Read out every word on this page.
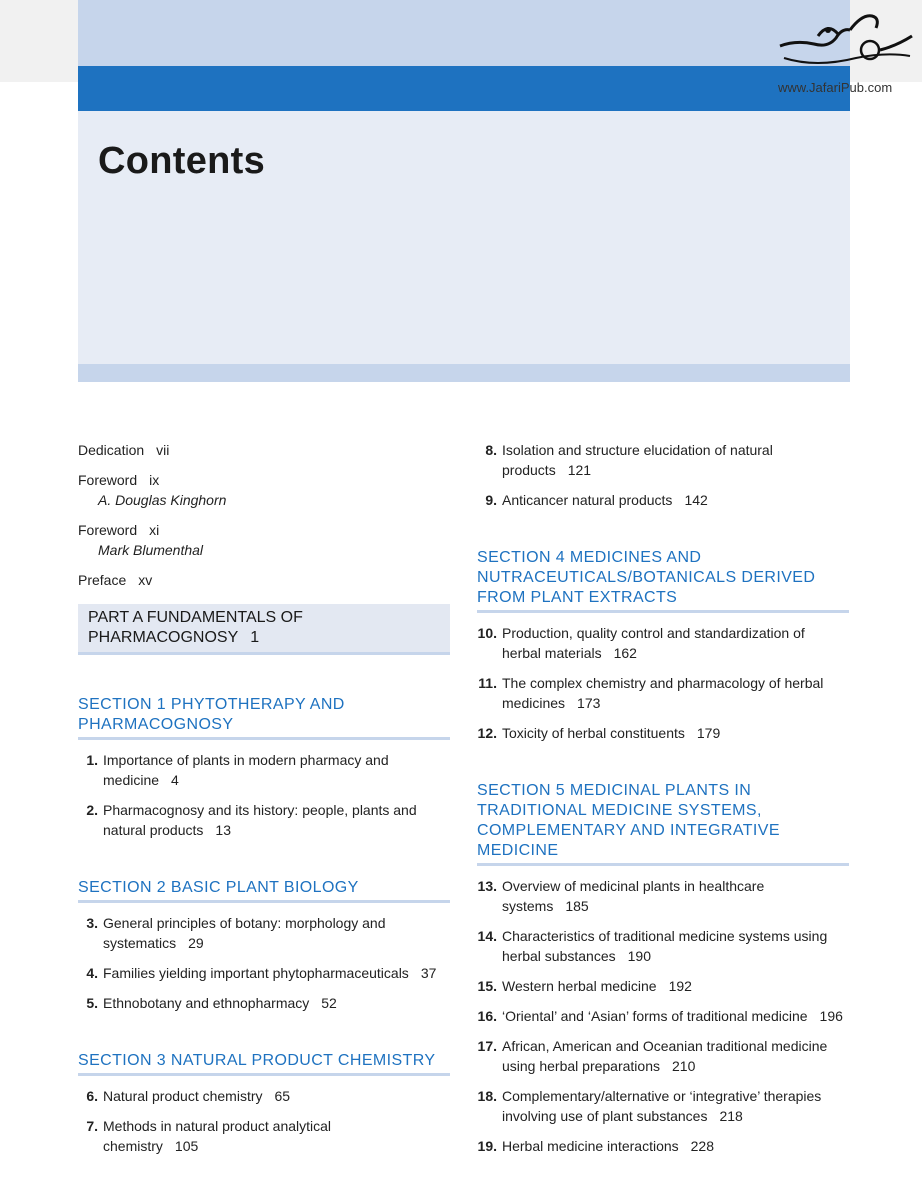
www.JafariPub.com
Contents
Dedication vii
Foreword ix
A. Douglas Kinghorn
Foreword xi
Mark Blumenthal
Preface xv
PART A FUNDAMENTALS OF
PHARMACOGNOSY 1
SECTION 1 PHYTOTHERAPY AND
PHARMACOGNOSY
1. Importance of plants in modern pharmacy and
medicine 4
2. Pharmacognosy and its history: people, plants and
natural products 13
SECTION 2 BASIC PLANT BIOLOGY
3. General principles of botany: morphology and
systematics 29
4. Families yielding important phytopharmaceuticals 37
5. Ethnobotany and ethnopharmacy 52
SECTION 3 NATURAL PRODUCT CHEMISTRY
6. Natural product chemistry 65
7. Methods in natural product analytical
chemistry 105
8. Isolation and structure elucidation of natural
products 121
9. Anticancer natural products 142
SECTION 4 MEDICINES AND
NUTRACEUTICALS/BOTANICALS DERIVED
FROM PLANT EXTRACTS
10. Production, quality control and standardization of
herbal materials 162
11. The complex chemistry and pharmacology of herbal
medicines 173
12. Toxicity of herbal constituents 179
SECTION 5 MEDICINAL PLANTS IN
TRADITIONAL MEDICINE SYSTEMS,
COMPLEMENTARY AND INTEGRATIVE
MEDICINE
13. Overview of medicinal plants in healthcare
systems 185
14. Characteristics of traditional medicine systems using
herbal substances 190
15. Western herbal medicine 192
16. ‘Oriental’ and ‘Asian’ forms of traditional medicine 196
17. African, American and Oceanian traditional medicine
using herbal preparations 210
18. Complementary/alternative or ‘integrative’ therapies
involving use of plant substances 218
19. Herbal medicine interactions 228
